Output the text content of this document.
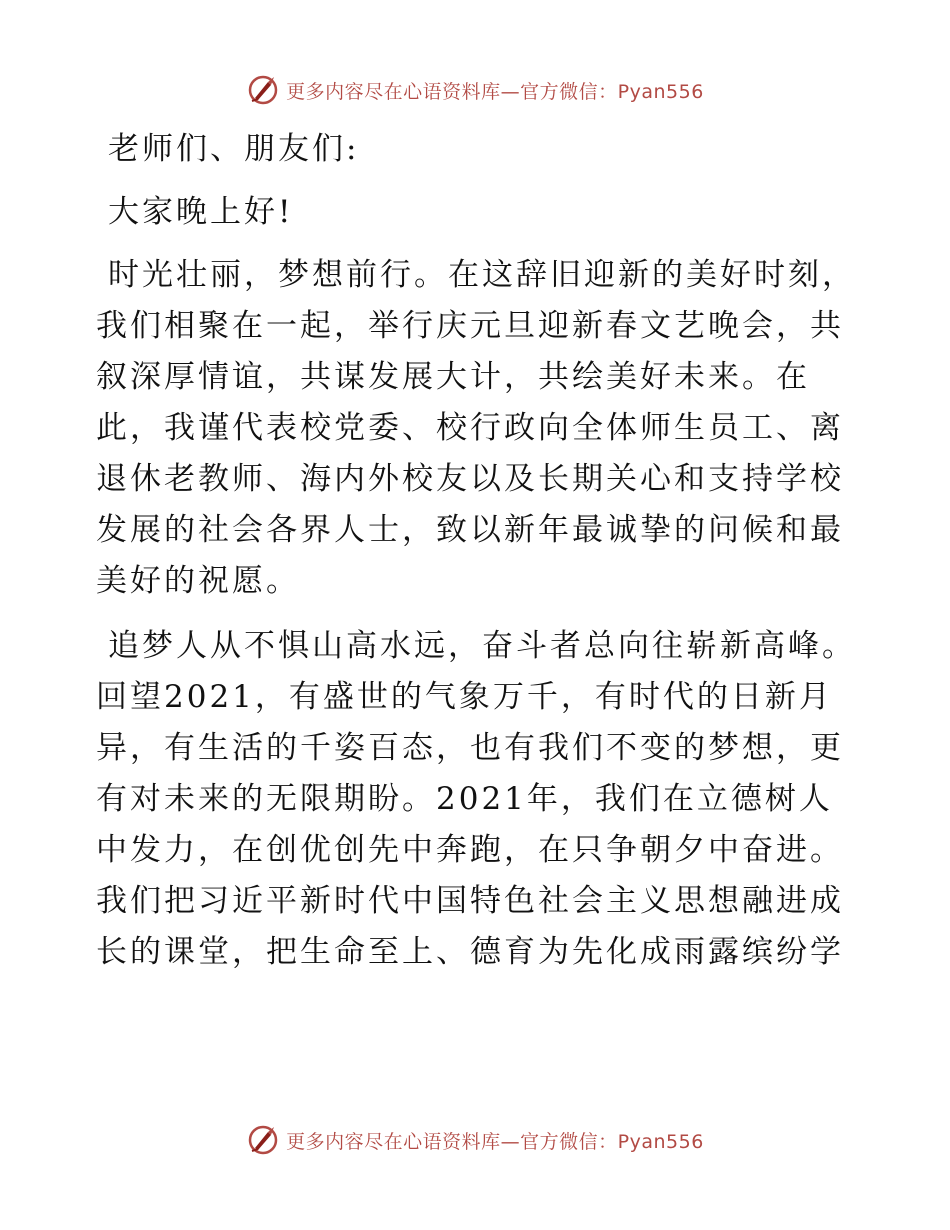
更多内容尽在心语资料库—官方微信：Pyan556

老师们、朋友们:

大家晚上好!

时光壮丽，梦想前行。在这辞旧迎新的美好时刻，我们相聚在一起，举行庆元旦迎新春文艺晚会，共叙深厚情谊，共谋发展大计，共绘美好未来。在此，我谨代表校党委、校行政向全体师生员工、离退休老教师、海内外校友以及长期关心和支持学校发展的社会各界人士，致以新年最诚挚的问候和最美好的祝愿。

追梦人从不惧山高水远，奋斗者总向往崭新高峰。回望2021，有盛世的气象万千，有时代的日新月异，有生活的千姿百态，也有我们不变的梦想，更有对未来的无限期盼。2021年，我们在立德树人中发力，在创优创先中奔跑，在只争朝夕中奋进。我们把习近平新时代中国特色社会主义思想融进成长的课堂，把生命至上、德育为先化成雨露缤纷学

更多内容尽在心语资料库—官方微信：Pyan556
